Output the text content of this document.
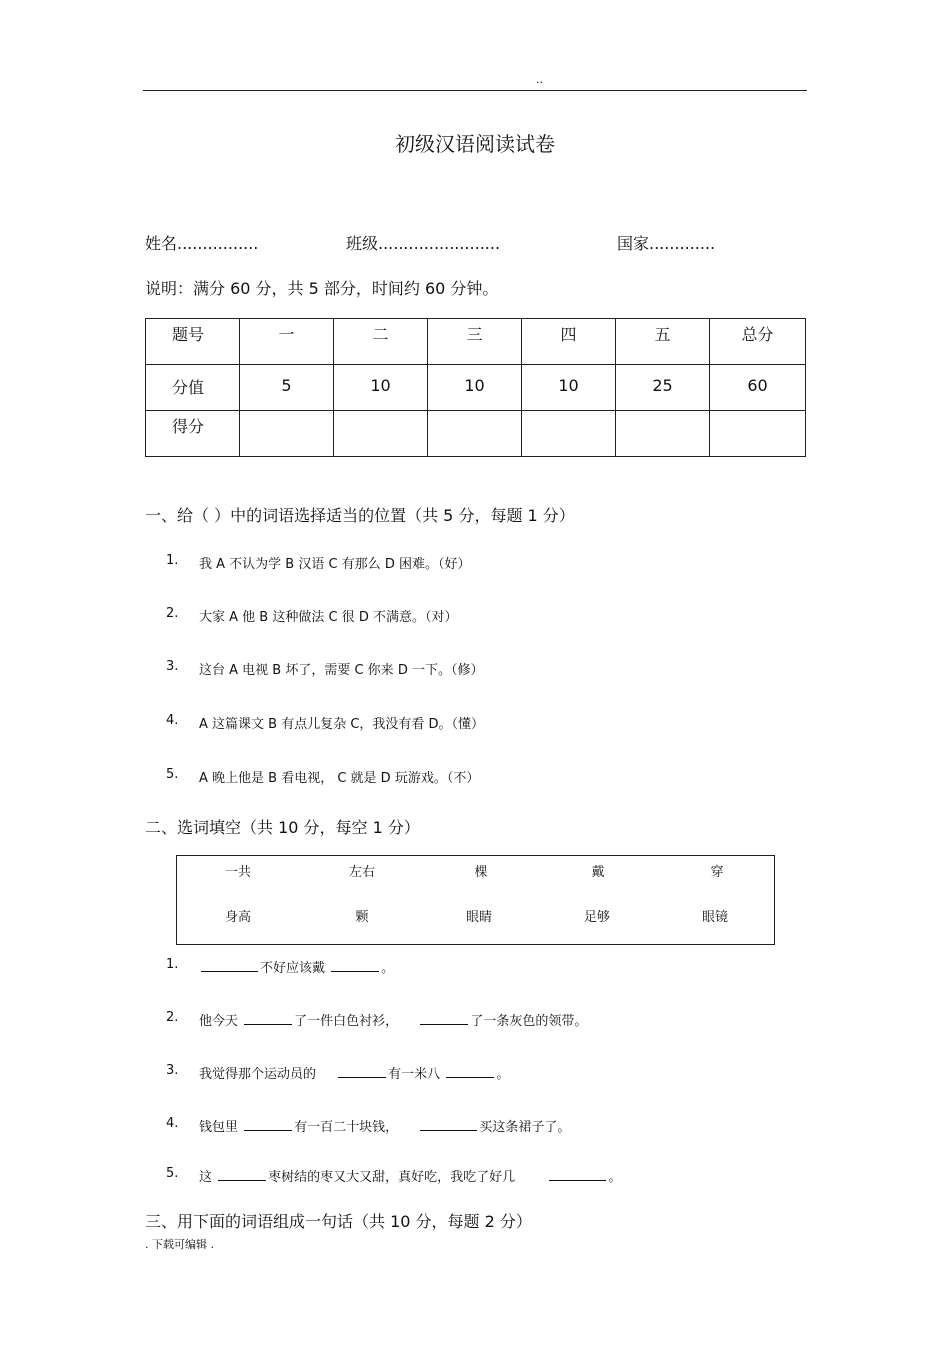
..
初级汉语阅读试卷
姓名................	班级........................	国家.............
说明：满分 60 分，共 5 部分，时间约 60 分钟。
题号	一	二	三	四	五	总分

分值	5	10	10	10	25	60

得分						

一、给（ ）中的词语选择适当的位置（共 5 分，每题 1 分）
1. 我 A 不认为学 B 汉语 C 有那么 D 困难。（好）
2. 大家 A 他 B 这种做法 C 很 D 不满意。（对）
3. 这台 A 电视 B 坏了，需要 C 你来 D 一下。（修）
4. A 这篇课文 B 有点儿复杂 C，我没有看 D。（懂）
5. A 晚上他是 B 看电视， C 就是 D 玩游戏。（不）
二、选词填空（共 10 分，每空 1 分）
一共	左右	棵	戴	穿
身高	颗	眼睛	足够	眼镜
1.	不好应该戴	。
2. 他今天	了一件白色衬衫，	了一条灰色的领带。
3. 我觉得那个运动员的	有一米八	。
4. 钱包里	有一百二十块钱，	买这条裙子了。
5. 这	枣树结的枣又大又甜，真好吃，我吃了好几	。
三、用下面的词语组成一句话（共 10 分，每题 2 分）
. 下载可编辑 .
